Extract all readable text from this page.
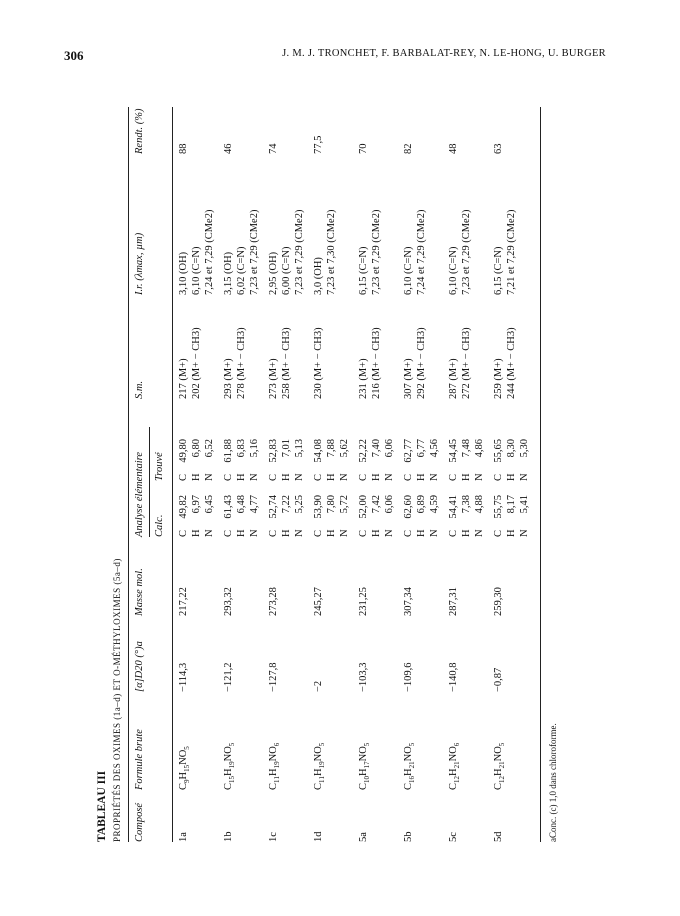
306	J. M. J. TRONCHET, F. BARBALAT-REY, N. LE-HONG, U. BURGER
TABLEAU III PROPRIÉTÉS DES OXIMES (1a–d) ET O-MÉTHYLOXIMES (5a–d) Composé
Formule brute
[α]D20 (°)a
Masse mol.
Analyse élémentaire Calc.
Trouvé
S.m.
I.r. (λmax, µm)
Rendt. (%)
1a
$C_9H_{15}NO_5$
−114,3
217,22
C
49,82
C
49,80
H
6,97
H
6,80
N
6,45
N
6,52
217 (M+) 202 (M+ − CH3)
3,10 (OH) 6,10 (C=N) 7,24 et 7,29 (CMe2)
88
1b
$C_{15}H_{19}NO_5$
−121,2
293,32
C
61,43
C
61,88
H
6,48
H
6,83
N
4,77
N
5,16
293 (M+) 278 (M+ − CH3)
3,15 (OH) 6,02 (C=N) 7,23 et 7,29 (CMe2)
46
1c
$C_{11}H_{19}NO_6$
−127,8
273,28
C
52,74
C
52,83
H
7,22
H
7,01
N
5,25
N
5,13
273 (M+) 258 (M+ − CH3)
2,95 (OH) 6,00 (C=N) 7,23 et 7,29 (CMe2)
74
1d
$C_{11}H_{19}NO_5$
−2
245,27
C
53,90
C
54,08
H
7,80
H
7,88
N
5,72
N
5,62
230 (M+ − CH3)
3,0 (OH) 7,23 et 7,30 (CMe2)
77,5
5a
$C_{10}H_{17}NO_5$
−103,3
231,25
C
52,00
C
52,22
H
7,42
H
7,40
N
6,06
N
6,06
231 (M+) 216 (M+ − CH3)
6,15 (C=N) 7,23 et 7,29 (CMe2)
70
5b
$C_{16}H_{21}NO_5$
−109,6
307,34
C
62,60
C
62,77
H
6,89
H
6,77
N
4,59
N
4,56
307 (M+) 292 (M+ − CH3)
6,10 (C=N) 7,24 et 7,29 (CMe2)
82
5c
$C_{12}H_{21}NO_6$
−140,8
287,31
C
54,41
C
54,45
H
7,38
H
7,48
N
4,88
N
4,86
287 (M+) 272 (M+ − CH3)
6,10 (C=N) 7,23 et 7,29 (CMe2)
48
5d
$C_{12}H_{21}NO_5$
−0,87
259,30
C
55,75
C
55,65
H
8,17
H
8,30
N
5,41
N
5,30
259 (M+) 244 (M+ − CH3)
6,15 (C=N) 7,21 et 7,29 (CMe2)
63
aConc. (c) 1,0 dans chloroforme.
